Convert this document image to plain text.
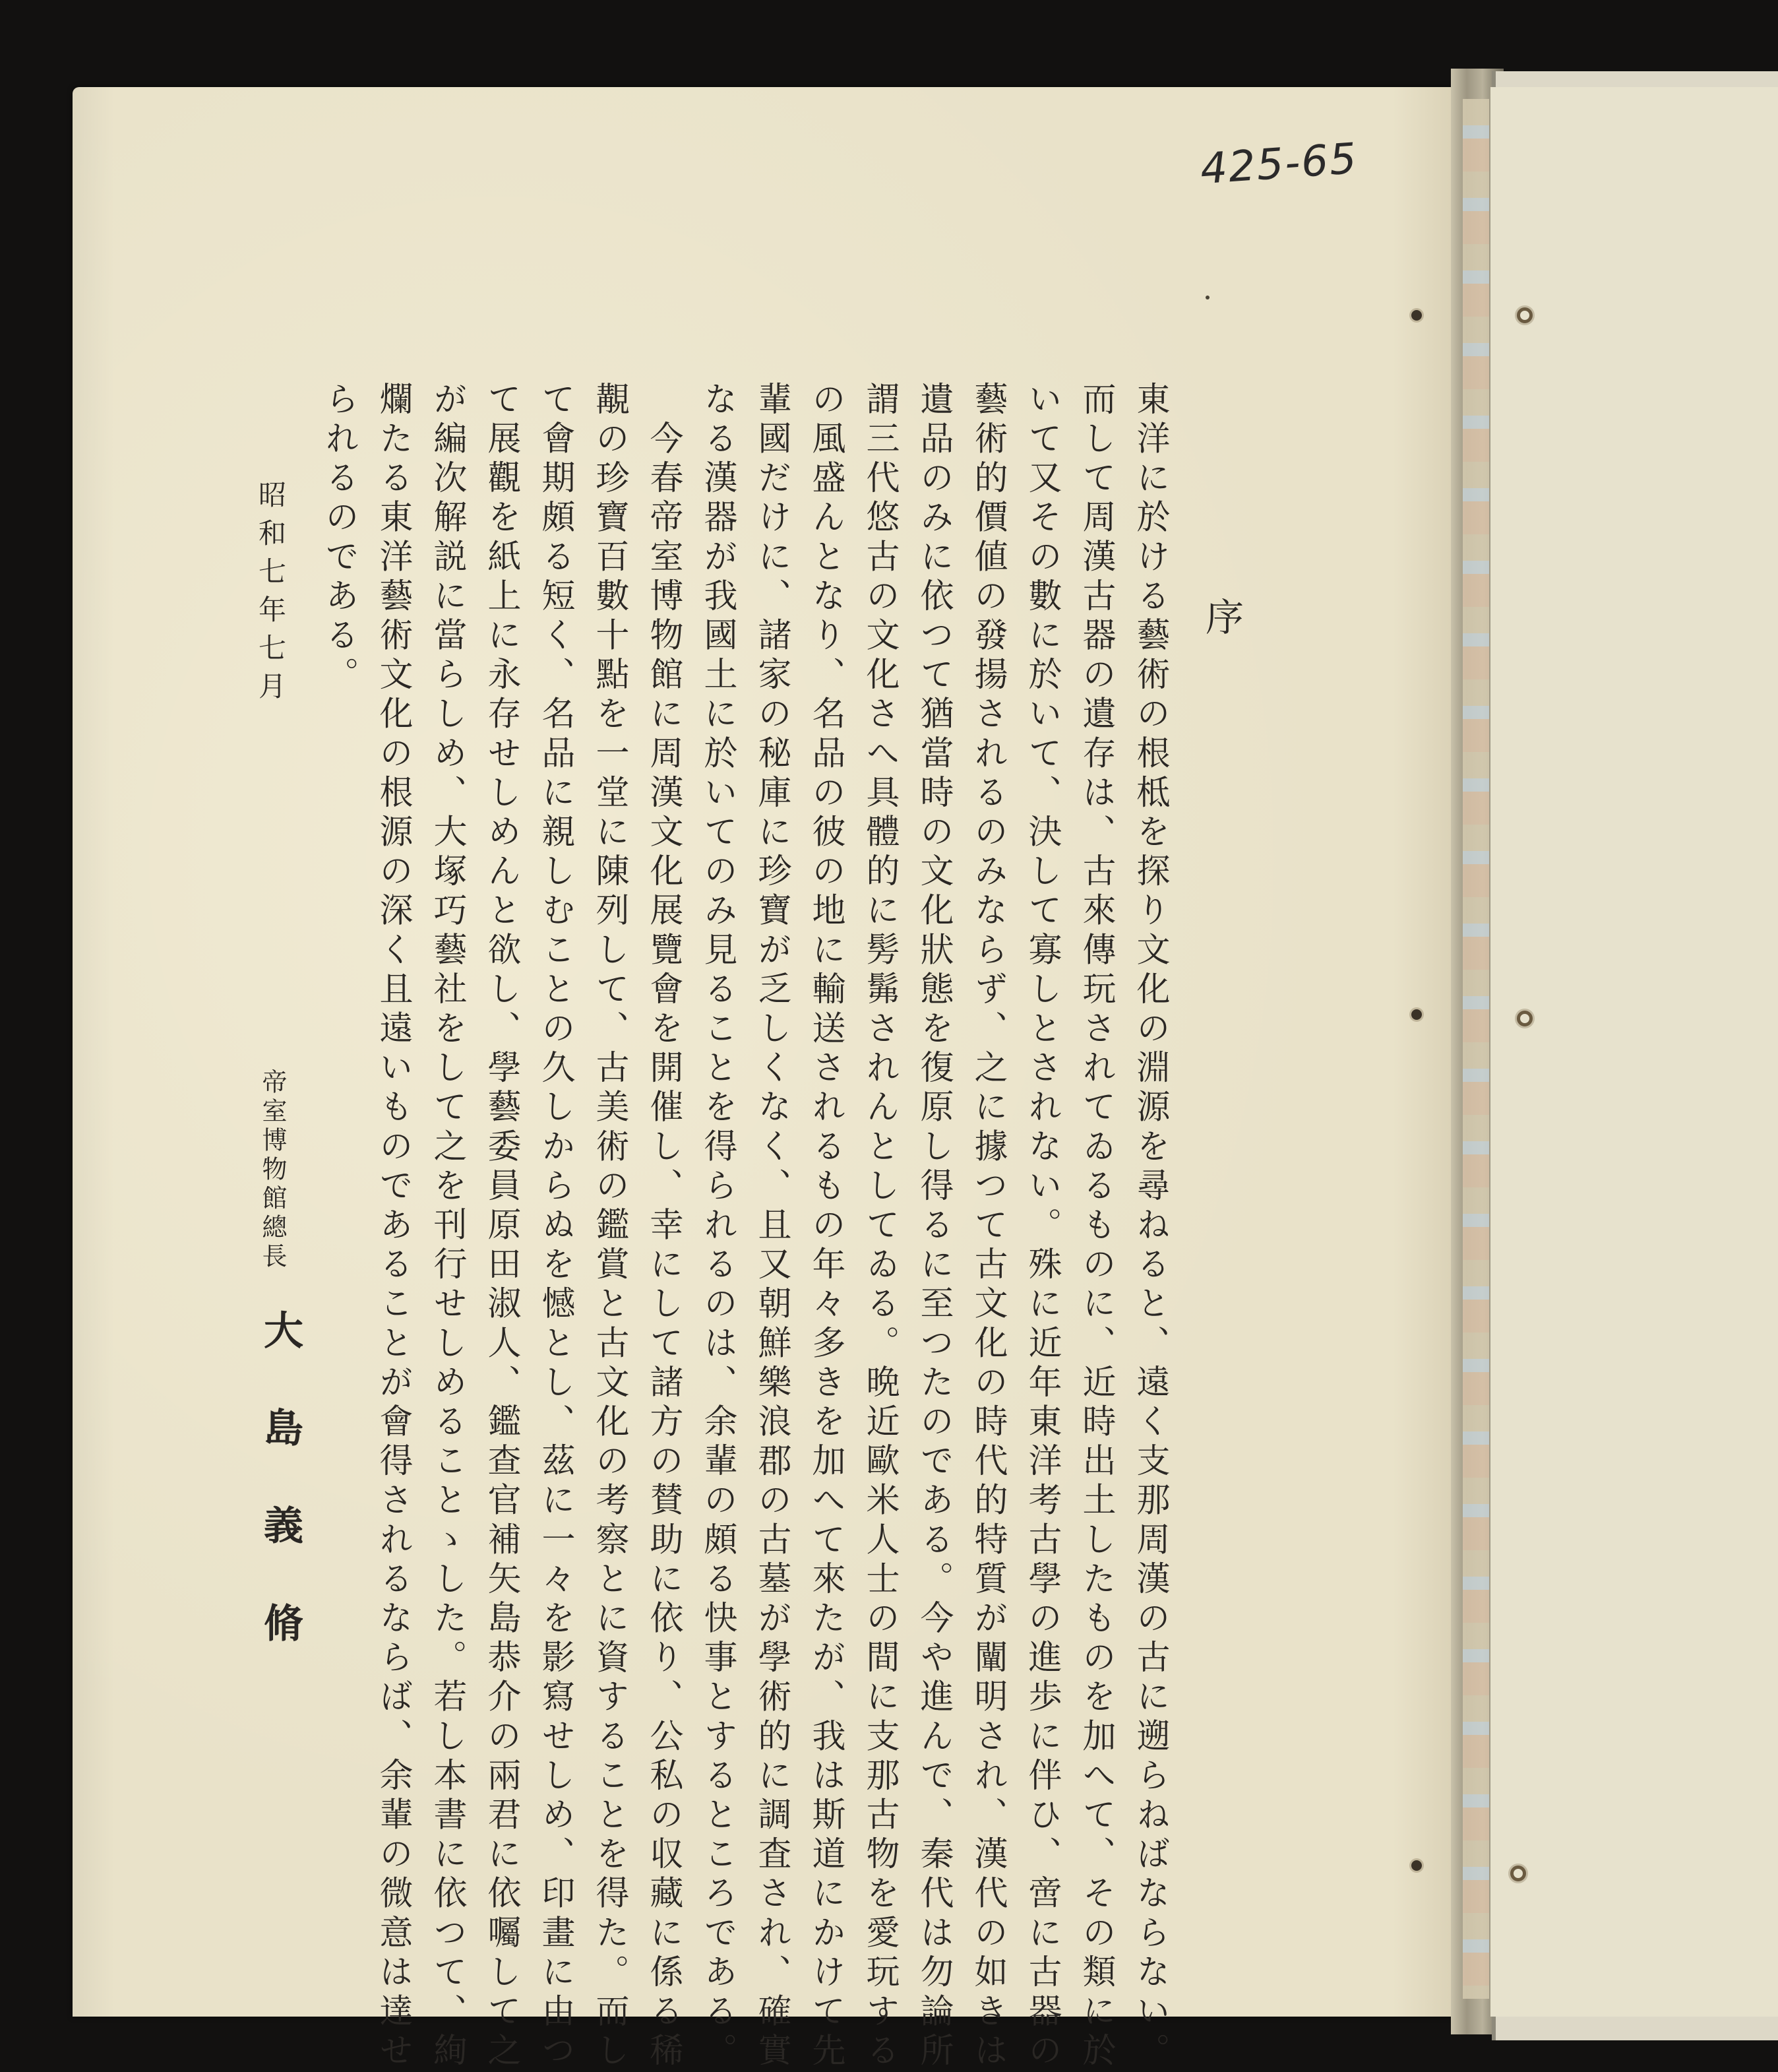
425-65
序
東洋に於ける藝術の根柢を探り文化の淵源を尋ねると、遠く支那周漢の古に遡らねばならない。
而して周漢古器の遺存は、古來傳玩されてゐるものに、近時出土したものを加へて、その類に於
いて又その數に於いて、決して寡しとされない。殊に近年東洋考古學の進歩に伴ひ、啻に古器の
藝術的價値の發揚されるのみならず、之に據つて古文化の時代的特質が闡明され、漢代の如きは
遺品のみに依つて猶當時の文化狀態を復原し得るに至つたのである。今や進んで、秦代は勿論所
謂三代悠古の文化さへ具體的に髣髴されんとしてゐる。晩近歐米人士の間に支那古物を愛玩する
の風盛んとなり、名品の彼の地に輸送されるもの年々多きを加へて來たが、我は斯道にかけて先
輩國だけに、諸家の秘庫に珍寶が乏しくなく、且又朝鮮樂浪郡の古墓が學術的に調査され、確實
なる漢器が我國土に於いてのみ見ることを得られるのは、余輩の頗る快事とするところである。
　今春帝室博物館に周漢文化展覽會を開催し、幸にして諸方の賛助に依り、公私の収藏に係る稀
覯の珍寶百數十點を一堂に陳列して、古美術の鑑賞と古文化の考察とに資することを得た。而し
て會期頗る短く、名品に親しむことの久しからぬを憾とし、茲に一々を影寫せしめ、印畫に由つ
て展觀を紙上に永存せしめんと欲し、學藝委員原田淑人、鑑查官補矢島恭介の兩君に依囑して之
が編次解説に當らしめ、大塚巧藝社をして之を刊行せしめることゝした。若し本書に依つて、絢
爛たる東洋藝術文化の根源の深く且遠いものであることが會得されるならば、余輩の微意は達せ
られるのである。
昭和七年七月
帝室博物館總長
大島義脩
